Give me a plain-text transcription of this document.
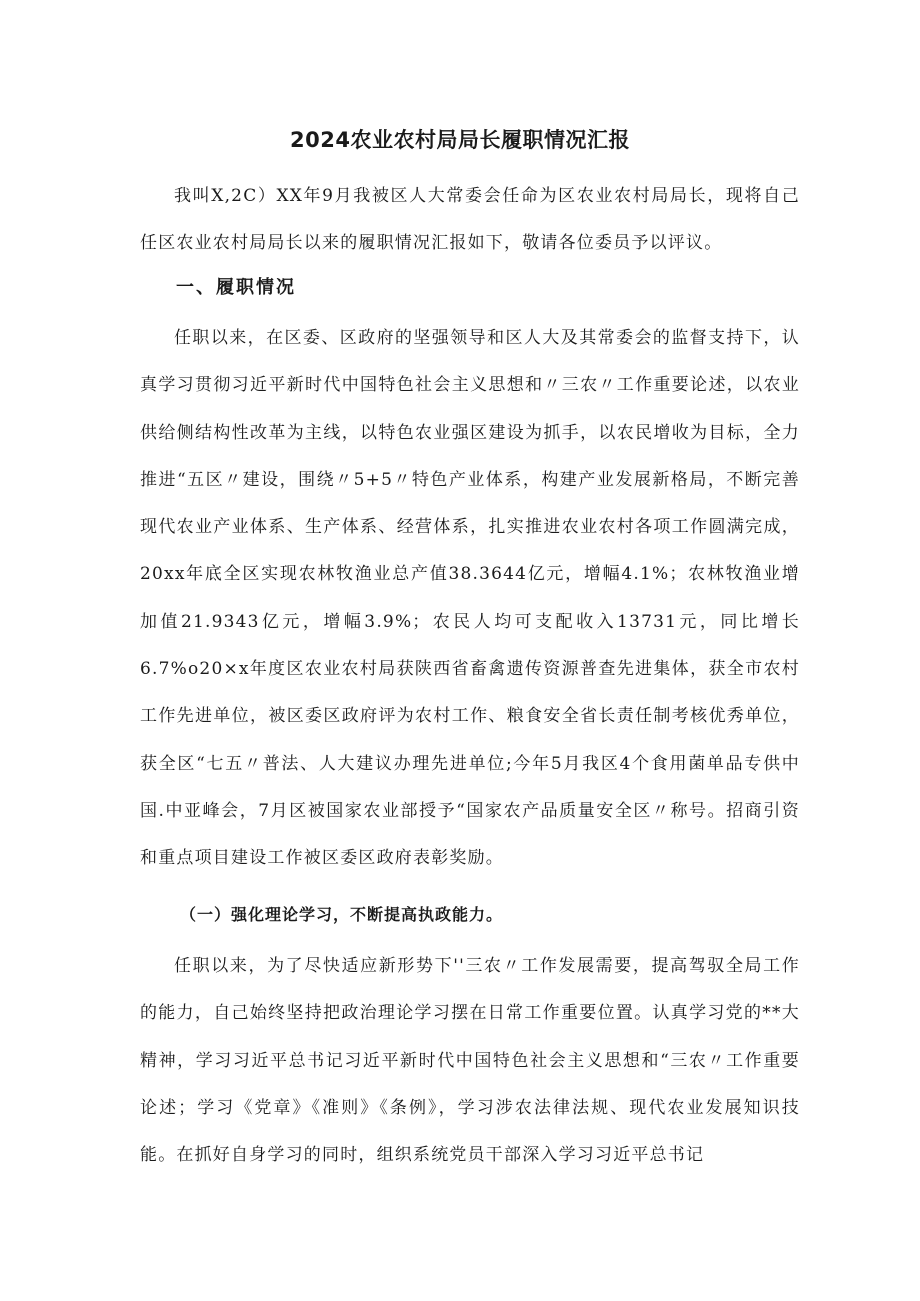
2024农业农村局局长履职情况汇报

我叫X,2C）XX年9月我被区人大常委会任命为区农业农村局局长，现将自己任区农业农村局局长以来的履职情况汇报如下，敬请各位委员予以评议。

一、履职情况

任职以来，在区委、区政府的坚强领导和区人大及其常委会的监督支持下，认真学习贯彻习近平新时代中国特色社会主义思想和〃三农〃工作重要论述，以农业供给侧结构性改革为主线，以特色农业强区建设为抓手，以农民增收为目标，全力推进“五区〃建设，围绕〃5+5〃特色产业体系，构建产业发展新格局，不断完善现代农业产业体系、生产体系、经营体系，扎实推进农业农村各项工作圆满完成，20xx年底全区实现农林牧渔业总产值38.3644亿元，增幅4.1%；农林牧渔业增加值21.9343亿元，增幅3.9%；农民人均可支配收入13731元，同比增长6.7%o20×x年度区农业农村局获陕西省畜禽遗传资源普查先进集体，获全市农村工作先进单位，被区委区政府评为农村工作、粮食安全省长责任制考核优秀单位，获全区“七五〃普法、人大建议办理先进单位;今年5月我区4个食用菌单品专供中国.中亚峰会，7月区被国家农业部授予“国家农产品质量安全区〃称号。招商引资和重点项目建设工作被区委区政府表彰奖励。

（一）强化理论学习，不断提高执政能力。

任职以来，为了尽快适应新形势下''三农〃工作发展需要，提高驾驭全局工作的能力，自己始终坚持把政治理论学习摆在日常工作重要位置。认真学习党的**大精神，学习习近平总书记习近平新时代中国特色社会主义思想和“三农〃工作重要论述；学习《党章》《准则》《条例》，学习涉农法律法规、现代农业发展知识技能。在抓好自身学习的同时，组织系统党员干部深入学习习近平总书记
